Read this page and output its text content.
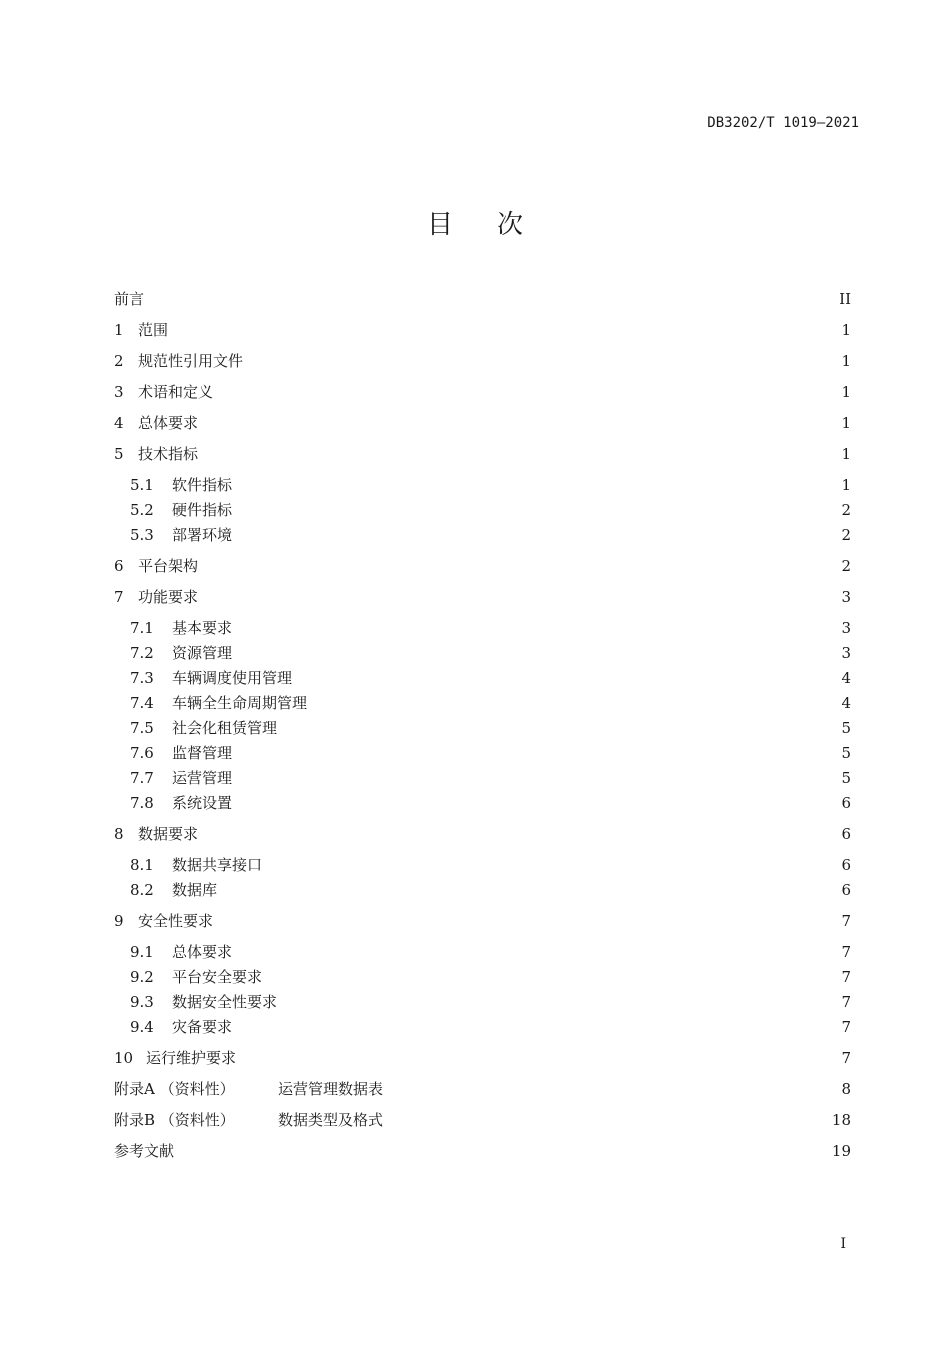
DB3202/T 1019—2021
目次
前言	II
1 范围	1
2 规范性引用文件	1
3 术语和定义	1
4 总体要求	1
5 技术指标	1
5.1	软件指标	1
5.2	硬件指标	2
5.3	部署环境	2
6 平台架构	2
7 功能要求	3
7.1	基本要求	3
7.2	资源管理	3
7.3	车辆调度使用管理	4
7.4	车辆全生命周期管理	4
7.5	社会化租赁管理	5
7.6	监督管理	5
7.7	运营管理	5
7.8	系统设置	6
8 数据要求	6
8.1	数据共享接口	6
8.2	数据库	6
9 安全性要求	7
9.1	总体要求	7
9.2	平台安全要求	7
9.3	数据安全性要求	7
9.4	灾备要求	7
10 运行维护要求	7
附录A （资料性）	运营管理数据表	8
附录B （资料性）	数据类型及格式	18
参考文献	19
I
